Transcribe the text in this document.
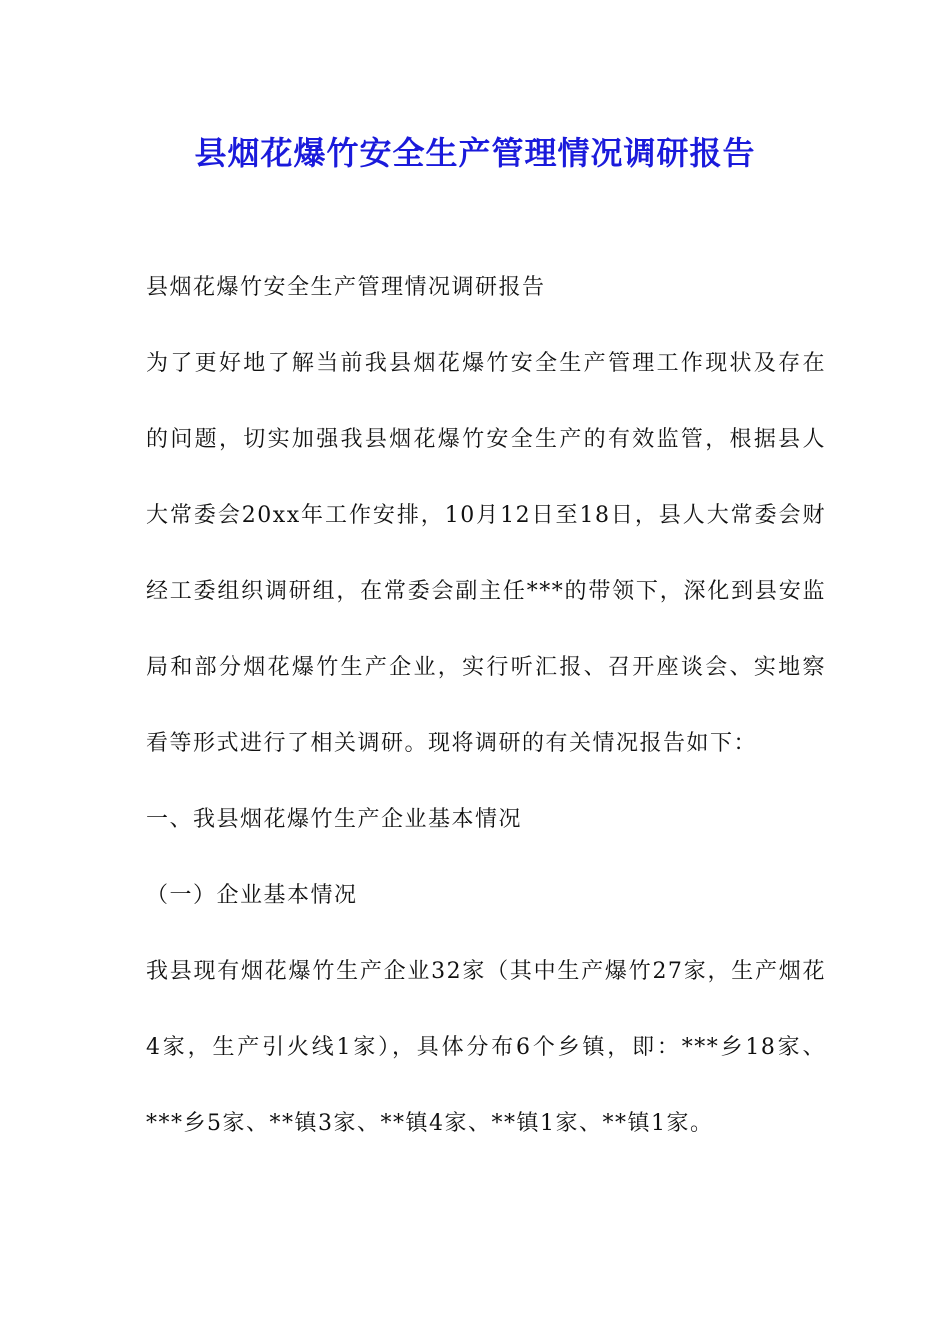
县烟花爆竹安全生产管理情况调研报告

县烟花爆竹安全生产管理情况调研报告

为了更好地了解当前我县烟花爆竹安全生产管理工作现状及存在的问题，切实加强我县烟花爆竹安全生产的有效监管，根据县人大常委会20xx年工作安排，10月12日至18日，县人大常委会财经工委组织调研组，在常委会副主任***的带领下，深化到县安监局和部分烟花爆竹生产企业，实行听汇报、召开座谈会、实地察看等形式进行了相关调研。现将调研的有关情况报告如下：

一、我县烟花爆竹生产企业基本情况

（一）企业基本情况

我县现有烟花爆竹生产企业32家（其中生产爆竹27家，生产烟花4家，生产引火线1家），具体分布6个乡镇，即：***乡18家、***乡5家、**镇3家、**镇4家、**镇1家、**镇1家。
